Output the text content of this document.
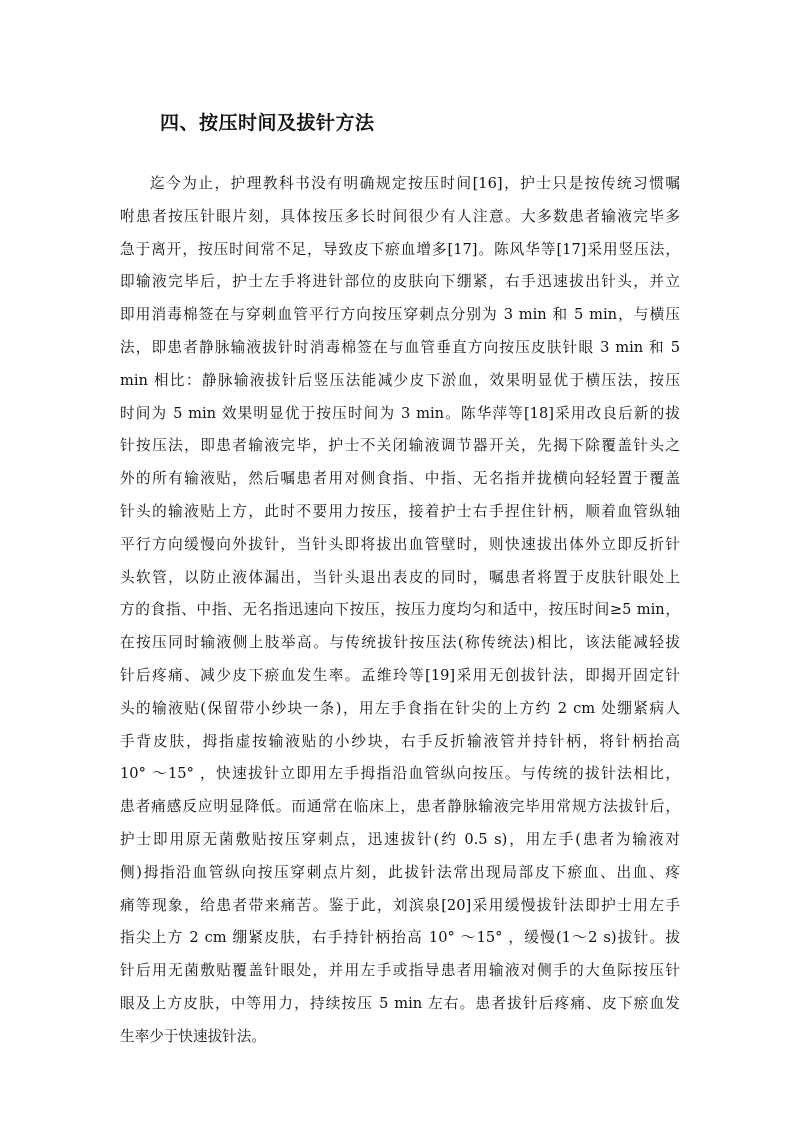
四、按压时间及拔针方法
迄今为止，护理教科书没有明确规定按压时间[16]，护士只是按传统习惯嘱
咐患者按压针眼片刻，具体按压多长时间很少有人注意。大多数患者输液完毕多
急于离开，按压时间常不足，导致皮下瘀血增多[17]。陈风华等[17]采用竖压法，
即输液完毕后，护士左手将进针部位的皮肤向下绷紧，右手迅速拔出针头，并立
即用消毒棉签在与穿刺血管平行方向按压穿刺点分别为 3 min 和 5 min，与横压
法，即患者静脉输液拔针时消毒棉签在与血管垂直方向按压皮肤针眼 3 min 和 5
min 相比：静脉输液拔针后竖压法能减少皮下淤血，效果明显优于横压法，按压
时间为 5 min 效果明显优于按压时间为 3 min。陈华萍等[18]采用改良后新的拔
针按压法，即患者输液完毕，护士不关闭输液调节器开关，先揭下除覆盖针头之
外的所有输液贴，然后嘱患者用对侧食指、中指、无名指并拢横向轻轻置于覆盖
针头的输液贴上方，此时不要用力按压，接着护士右手捏住针柄，顺着血管纵轴
平行方向缓慢向外拔针，当针头即将拔出血管壁时，则快速拔出体外立即反折针
头软管，以防止液体漏出，当针头退出表皮的同时，嘱患者将置于皮肤针眼处上
方的食指、中指、无名指迅速向下按压，按压力度均匀和适中，按压时间≥5 min，
在按压同时输液侧上肢举高。与传统拔针按压法(称传统法)相比，该法能减轻拔
针后疼痛、减少皮下瘀血发生率。孟维玲等[19]采用无创拔针法，即揭开固定针
头的输液贴(保留带小纱块一条)，用左手食指在针尖的上方约 2 cm 处绷紧病人
手背皮肤，拇指虚按输液贴的小纱块，右手反折输液管并持针柄，将针柄抬高
10° ～15° ，快速拔针立即用左手拇指沿血管纵向按压。与传统的拔针法相比，
患者痛感反应明显降低。而通常在临床上，患者静脉输液完毕用常规方法拔针后，
护士即用原无菌敷贴按压穿刺点，迅速拔针(约 0.5 s)，用左手(患者为输液对
侧)拇指沿血管纵向按压穿刺点片刻，此拔针法常出现局部皮下瘀血、出血、疼
痛等现象，给患者带来痛苦。鉴于此，刘滨泉[20]采用缓慢拔针法即护士用左手
指尖上方 2 cm 绷紧皮肤，右手持针柄抬高 10° ～15° ，缓慢(1～2 s)拔针。拔
针后用无菌敷贴覆盖针眼处，并用左手或指导患者用输液对侧手的大鱼际按压针
眼及上方皮肤，中等用力，持续按压 5 min 左右。患者拔针后疼痛、皮下瘀血发
生率少于快速拔针法。
